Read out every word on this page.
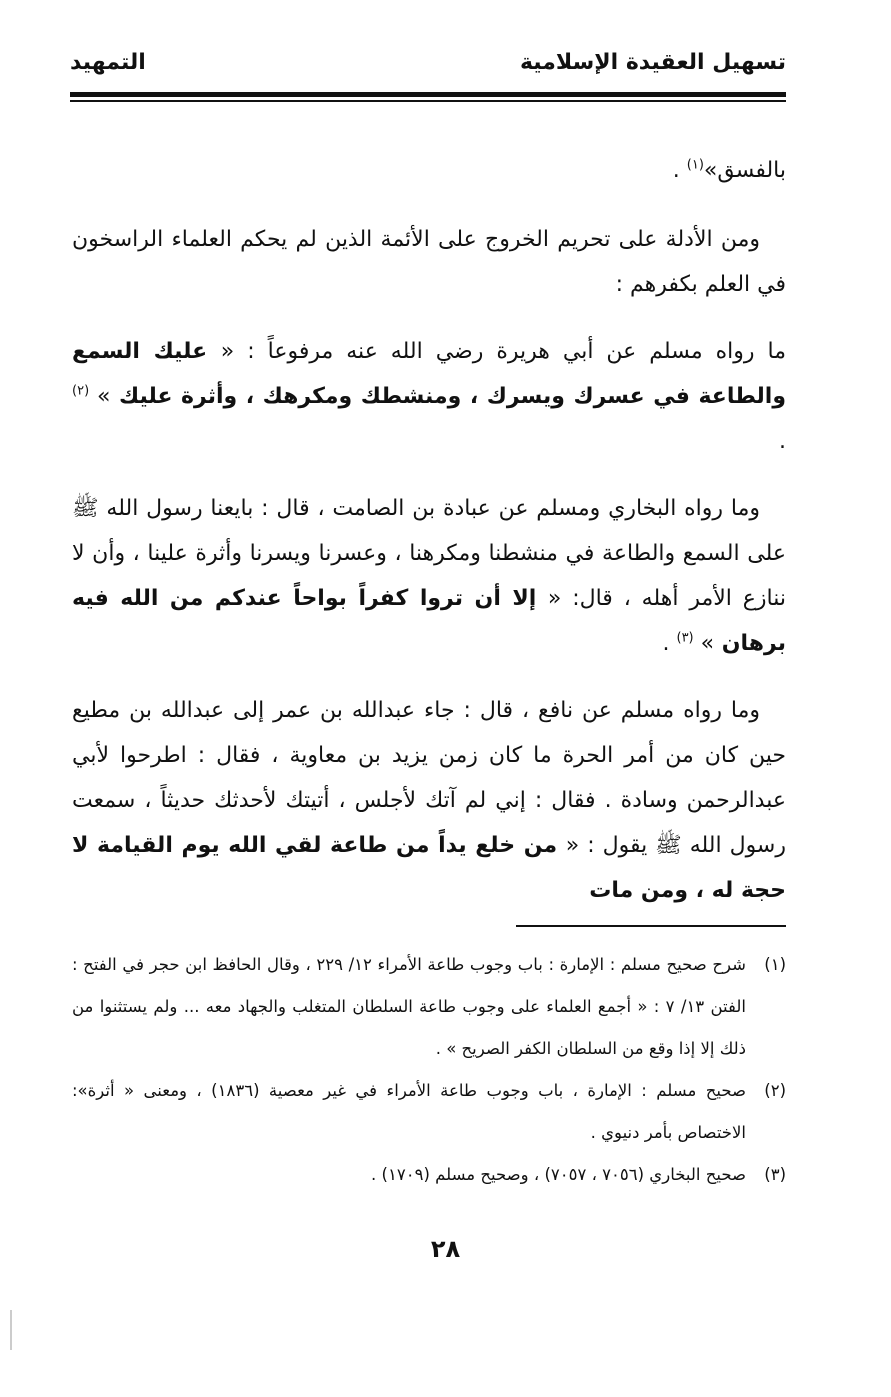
تسهيل العقيدة الإسلامية
التمهيد

بالفسق»$^{(١)}$ .

ومن الأدلة على تحريم الخروج على الأئمة الذين لم يحكم العلماء الراسخون في العلم بكفرهم :

ما رواه مسلم عن أبي هريرة رضي الله عنه مرفوعاً : « عليك السمع والطاعة في عسرك ويسرك ، ومنشطك ومكرهك ، وأثرة عليك » $^{(٢)}$ .

وما رواه البخاري ومسلم عن عبادة بن الصامت ، قال : بايعنا رسول الله ﷺ على السمع والطاعة في منشطنا ومكرهنا ، وعسرنا ويسرنا وأثرة علينا ، وأن لا ننازع الأمر أهله ، قال: « إلا أن تروا كفراً بواحاً عندكم من الله فيه برهان » $^{(٣)}$ .

وما رواه مسلم عن نافع ، قال : جاء عبدالله بن عمر إلى عبدالله بن مطيع حين كان من أمر الحرة ما كان زمن يزيد بن معاوية ، فقال : اطرحوا لأبي عبدالرحمن وسادة . فقال : إني لم آتك لأجلس ، أتيتك لأحدثك حديثاً ، سمعت رسول الله ﷺ يقول : « من خلع يداً من طاعة لقي الله يوم القيامة لا حجة له ، ومن مات

(١)
شرح صحيح مسلم : الإمارة : باب وجوب طاعة الأمراء ١٢/ ٢٢٩ ، وقال الحافظ ابن حجر في الفتح : الفتن ١٣/ ٧ : « أجمع العلماء على وجوب طاعة السلطان المتغلب والجهاد معه ... ولم يستثنوا من ذلك إلا إذا وقع من السلطان الكفر الصريح » .

(٢)
صحيح مسلم : الإمارة ، باب وجوب طاعة الأمراء في غير معصية (١٨٣٦) ، ومعنى « أثرة»: الاختصاص بأمر دنيوي .

(٣)
صحيح البخاري (٧٠٥٦ ، ٧٠٥٧) ، وصحيح مسلم (١٧٠٩) .

٢٨
